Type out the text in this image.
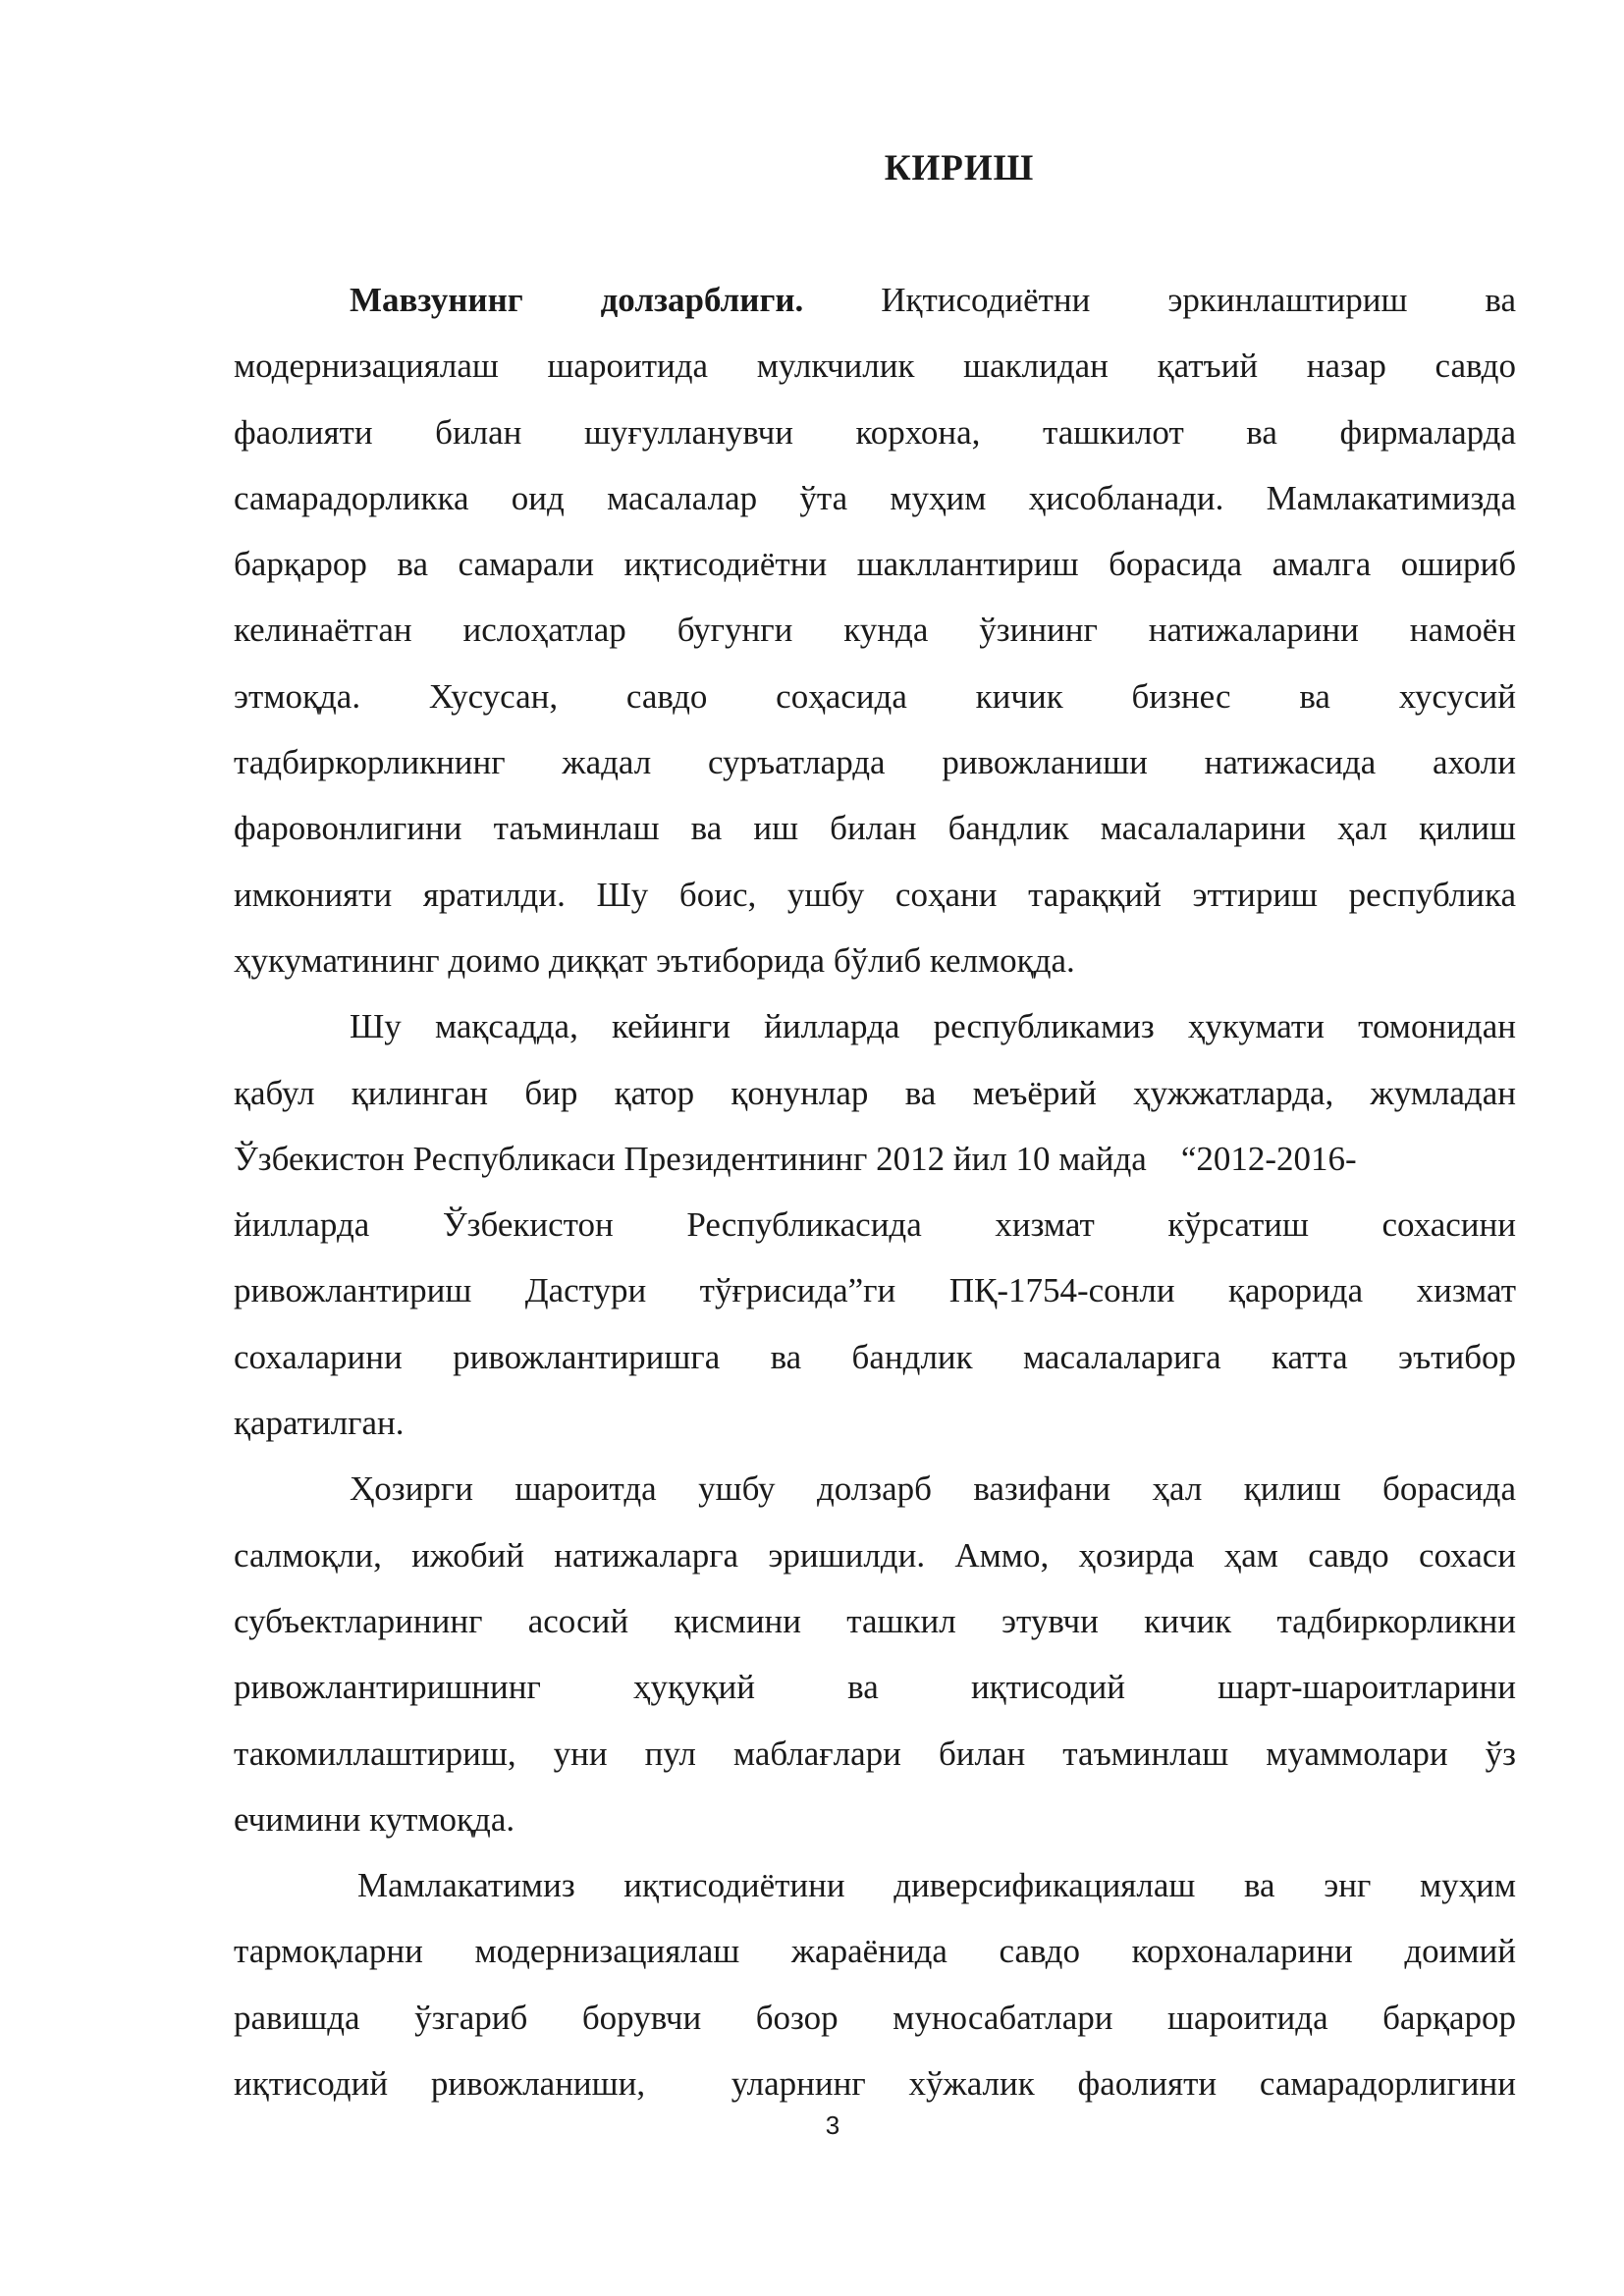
КИРИШ
Мавзунинг долзарблиги. Иқтисодиётни эркинлаштириш ва
модернизациялаш шароитида мулкчилик шаклидан қатъий назар савдо
фаолияти билан шуғулланувчи корхона, ташкилот ва фирмаларда
самарадорликка оид масалалар ўта муҳим ҳисобланади. Мамлакатимизда
барқарор ва самарали иқтисодиётни шакллантириш борасида амалга ошириб
келинаётган ислоҳатлар бугунги кунда ўзининг натижаларини намоён
этмоқда. Хусусан, савдо соҳасида кичик бизнес ва хусусий
тадбиркорликнинг жадал суръатларда ривожланиши натижасида ахоли
фаровонлигини таъминлаш ва иш билан бандлик масалаларини ҳал қилиш
имконияти яратилди. Шу боис, ушбу соҳани тараққий эттириш республика
ҳукуматининг доимо диққат эътиборида бўлиб келмоқда.
Шу мақсадда, кейинги йилларда республикамиз ҳукумати томонидан
қабул қилинган бир қатор қонунлар ва меъёрий ҳужжатларда, жумладан
Ўзбекистон Республикаси Президентининг 2012 йил 10 майда    “2012-2016-
йилларда Ўзбекистон Республикасида хизмат кўрсатиш сохасини
ривожлантириш Дастури тўғрисида”ги ПҚ-1754-сонли қарорида хизмат
сохаларини ривожлантиришга ва бандлик масалаларига катта эътибор
қаратилган.
Ҳозирги шароитда ушбу долзарб вазифани ҳал қилиш борасида
салмоқли, ижобий натижаларга эришилди. Аммо, ҳозирда ҳам савдо сохаси
субъектларининг асосий қисмини ташкил этувчи кичик тадбиркорликни
ривожлантиришнинг ҳуқуқий ва иқтисодий шарт-шароитларини
такомиллаштириш, уни пул маблағлари билан таъминлаш муаммолари ўз
ечимини кутмоқда.
Мамлакатимиз иқтисодиётини диверсификациялаш ва энг муҳим
тармоқларни модернизациялаш жараёнида савдо корхоналарини доимий
равишда ўзгариб борувчи бозор муносабатлари шароитида барқарор
иқтисодий ривожланиши,  уларнинг хўжалик фаолияти самарадорлигини
3
